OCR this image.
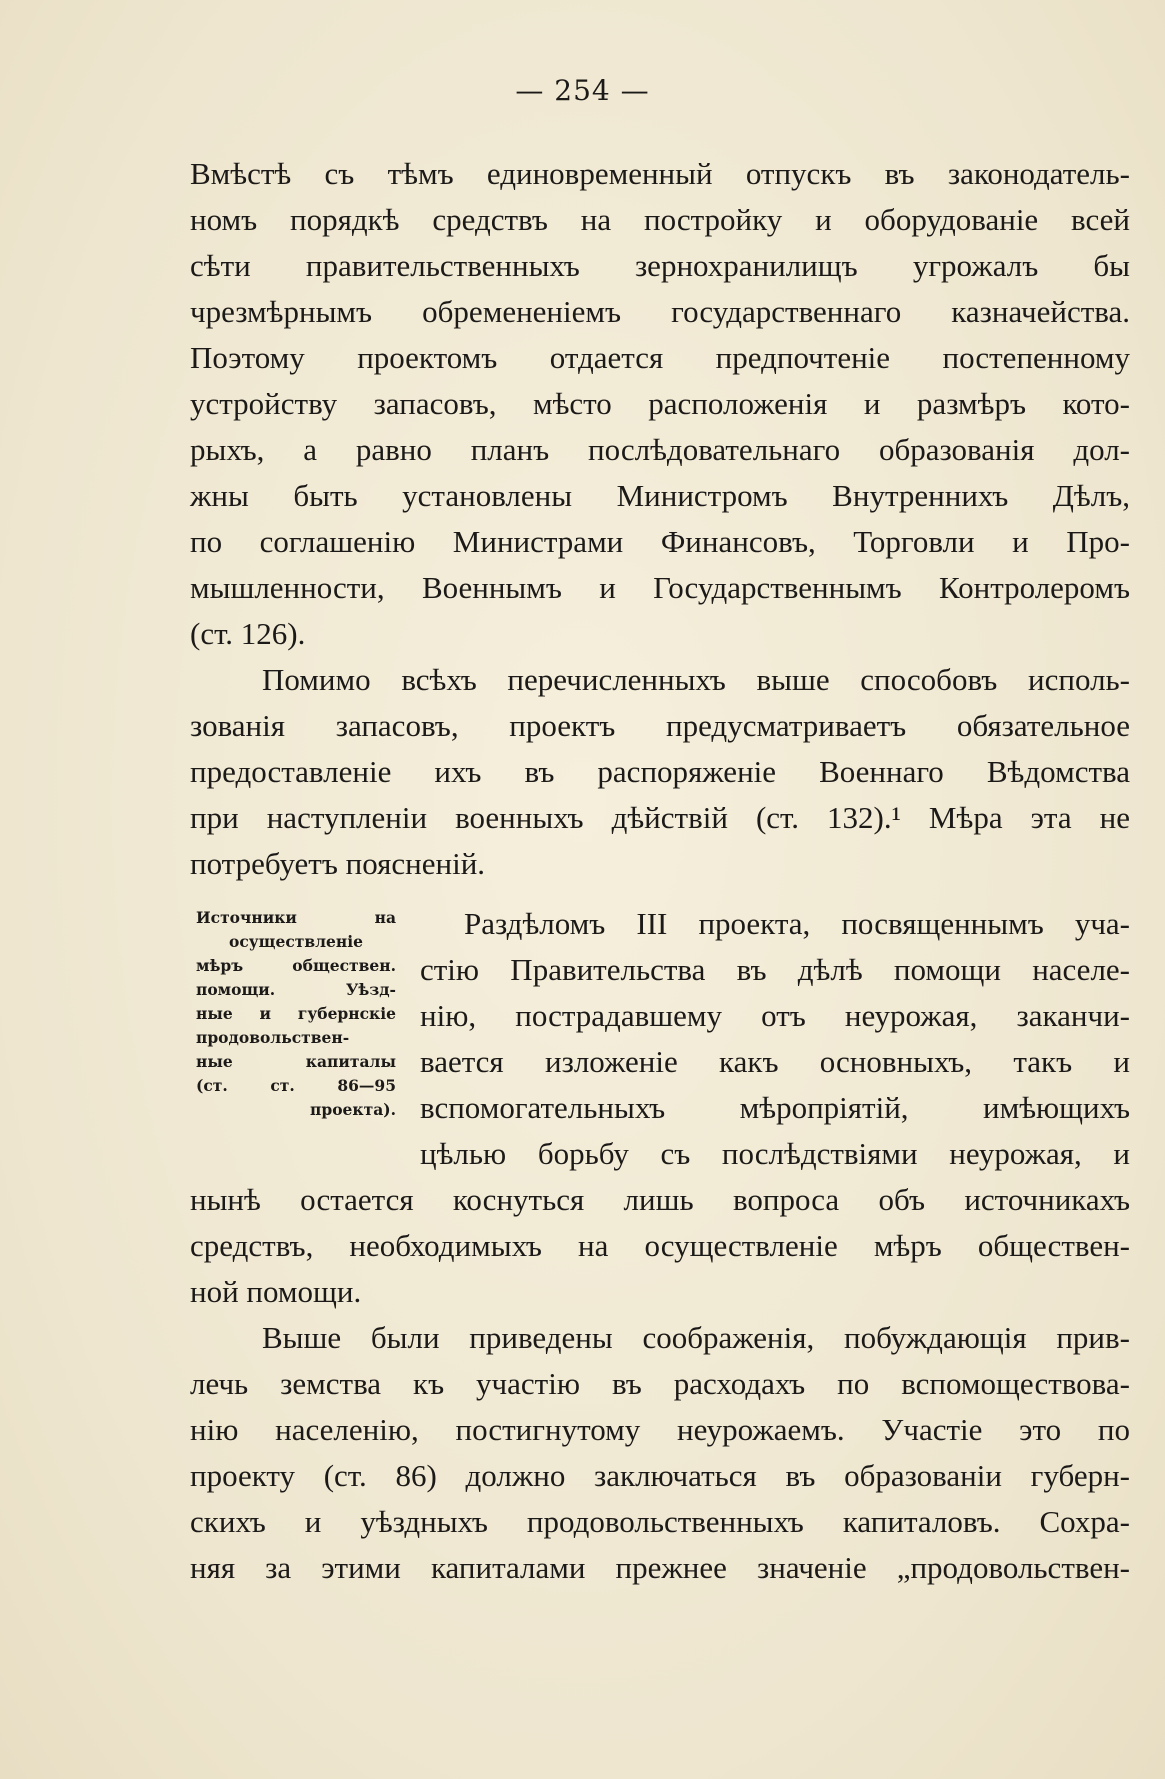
— 254 —
Вмѣстѣ съ тѣмъ единовременный отпускъ въ законодатель-
номъ порядкѣ средствъ на постройку и оборудованіе всей
сѣти правительственныхъ зернохранилищъ угрожалъ бы
чрезмѣрнымъ обремененіемъ государственнаго казначейства.
Поэтому проектомъ отдается предпочтеніе постепенному
устройству запасовъ, мѣсто расположенія и размѣръ кото-
рыхъ, а равно планъ послѣдовательнаго образованія дол-
жны быть установлены Министромъ Внутреннихъ Дѣлъ,
по соглашенію Министрами Финансовъ, Торговли и Про-
мышленности, Военнымъ и Государственнымъ Контролеромъ
(ст. 126).
Помимо всѣхъ перечисленныхъ выше способовъ исполь-
зованія запасовъ, проектъ предусматриваетъ обязательное
предоставленіе ихъ въ распоряженіе Военнаго Вѣдомства
при наступленіи военныхъ дѣйствій (ст. 132).¹ Мѣра эта не
потребуетъ поясненій.
Источники на
осуществленіе
мѣръ обществен.
помощи. Уѣзд-
ные и губернскіе
продовольствен-
ные капиталы
(ст. ст. 86—95
проекта).
Раздѣломъ III проекта, посвященнымъ уча-
стію Правительства въ дѣлѣ помощи населе-
нію, пострадавшему отъ неурожая, заканчи-
вается изложеніе какъ основныхъ, такъ и
вспомогательныхъ мѣропріятій, имѣющихъ
цѣлью борьбу съ послѣдствіями неурожая, и
нынѣ остается коснуться лишь вопроса объ источникахъ
средствъ, необходимыхъ на осуществленіе мѣръ обществен-
ной помощи.
Выше были приведены соображенія, побуждающія прив-
лечь земства къ участію въ расходахъ по вспомоществова-
нію населенію, постигнутому неурожаемъ. Участіе это по
проекту (ст. 86) должно заключаться въ образованіи губерн-
скихъ и уѣздныхъ продовольственныхъ капиталовъ. Сохра-
няя за этими капиталами прежнее значеніе „продовольствен-
